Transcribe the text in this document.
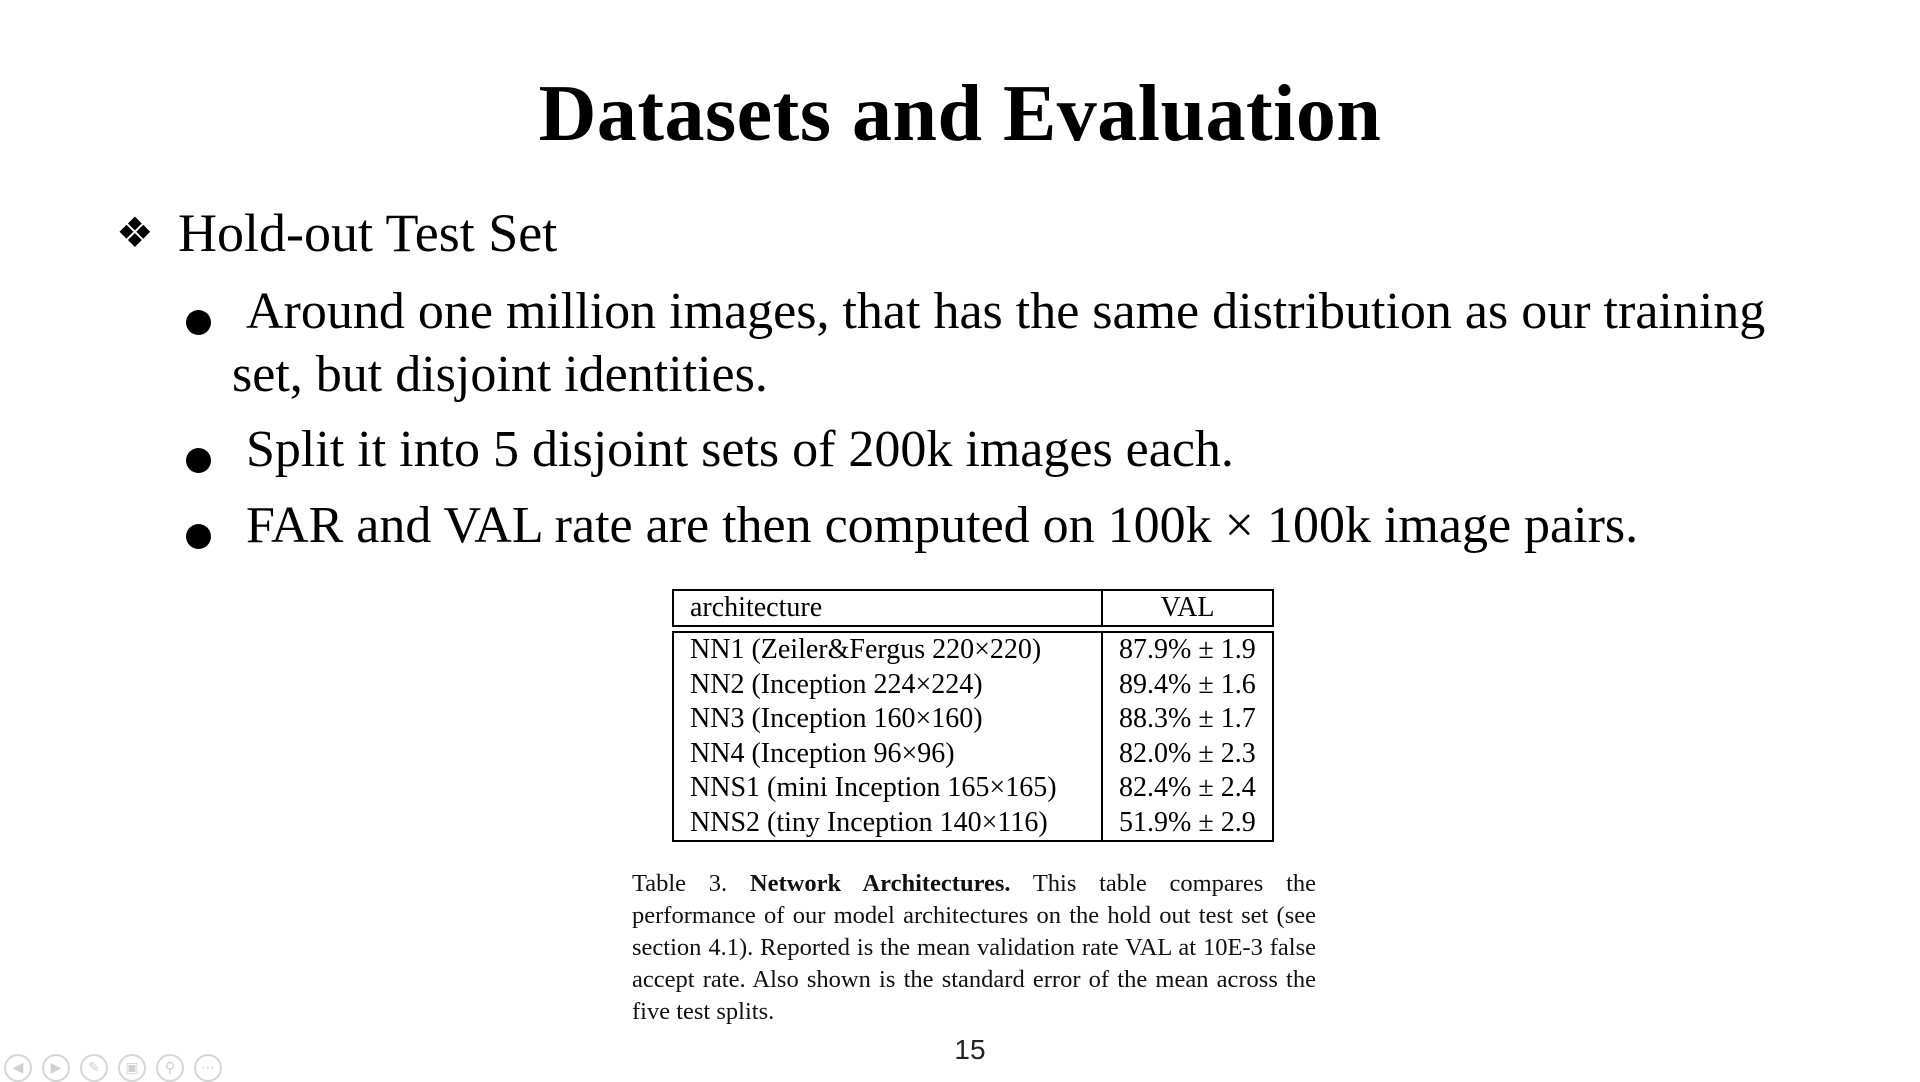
Datasets and Evaluation
❖ Hold-out Test Set
Around one million images, that has the same distribution as our training
set, but disjoint identities.
Split it into 5 disjoint sets of 200k images each.
FAR and VAL rate are then computed on 100k × 100k image pairs.
architecture	VAL

NN1 (Zeiler&Fergus 220×220)	87.9% ± 1.9
NN2 (Inception 224×224)	89.4% ± 1.6
NN3 (Inception 160×160)	88.3% ± 1.7
NN4 (Inception 96×96)	82.0% ± 2.3
NNS1 (mini Inception 165×165)	82.4% ± 2.4
NNS2 (tiny Inception 140×116)	51.9% ± 2.9
Table 3. Network Architectures. This table compares the performance of our model architectures on the hold out test set (see section 4.1). Reported is the mean validation rate VAL at 10E-3 false accept rate. Also shown is the standard error of the mean across the five test splits.
15
◀	▶	✎	▣	⚲	⋯
